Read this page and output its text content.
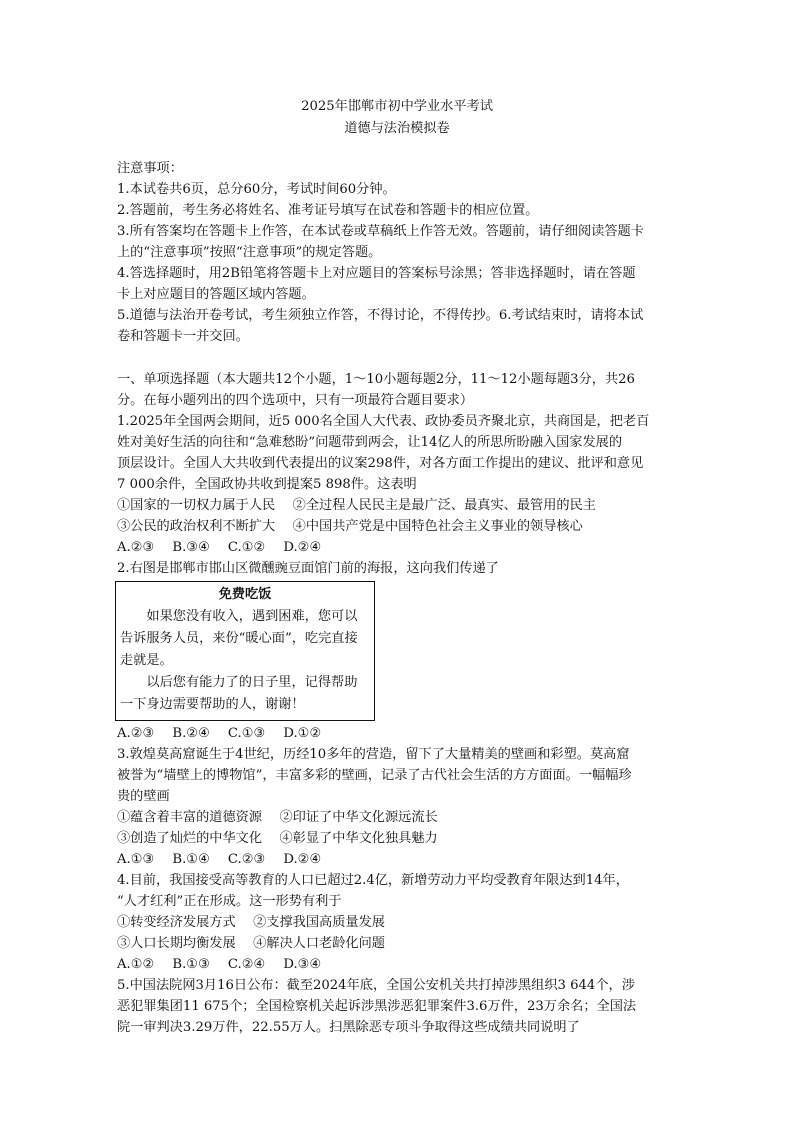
2025年邯郸市初中学业水平考试
道德与法治模拟卷
注意事项：
1.本试卷共6页，总分60分，考试时间60分钟。
2.答题前，考生务必将姓名、准考证号填写在试卷和答题卡的相应位置。
3.所有答案均在答题卡上作答，在本试卷或草稿纸上作答无效。答题前，请仔细阅读答题卡
上的“注意事项”按照“注意事项”的规定答题。
4.答选择题时，用2B铅笔将答题卡上对应题目的答案标号涂黑；答非选择题时，请在答题
卡上对应题目的答题区域内答题。
5.道德与法治开卷考试，考生须独立作答，不得讨论，不得传抄。6.考试结束时，请将本试
卷和答题卡一并交回。
一、单项选择题（本大题共12个小题，1～10小题每题2分，11～12小题每题3分，共26
分。在每小题列出的四个选项中，只有一项最符合题目要求）
1.2025年全国两会期间，近5 000名全国人大代表、政协委员齐聚北京，共商国是，把老百
姓对美好生活的向往和“急难愁盼”问题带到两会，让14亿人的所思所盼融入国家发展的
顶层设计。全国人大共收到代表提出的议案298件，对各方面工作提出的建议、批评和意见
7 000余件，全国政协共收到提案5 898件。这表明
①国家的一切权力属于人民　 ②全过程人民民主是最广泛、最真实、最管用的民主
③公民的政治权利不断扩大　 ④中国共产党是中国特色社会主义事业的领导核心
A.②③ B.③④ C.①② D.②④
2.右图是邯郸市邯山区微醺豌豆面馆门前的海报，这向我们传递了
免费吃饭
如果您没有收入，遇到困难，您可以告诉服务人员，来份“暖心面”，吃完直接走就是。
以后您有能力了的日子里，记得帮助一下身边需要帮助的人，谢谢！
A.②③ B.②④ C.①③ D.①②
3.敦煌莫高窟诞生于4世纪，历经10多年的营造，留下了大量精美的壁画和彩塑。莫高窟
被誉为“墙壁上的博物馆”，丰富多彩的壁画，记录了古代社会生活的方方面面。一幅幅珍
贵的壁画
①蕴含着丰富的道德资源　 ②印证了中华文化源远流长
③创造了灿烂的中华文化　 ④彰显了中华文化独具魅力
A.①③ B.①④ C.②③ D.②④
4.目前，我国接受高等教育的人口已超过2.4亿，新增劳动力平均受教育年限达到14年，
“人才红利”正在形成。这一形势有利于
①转变经济发展方式　 ②支撑我国高质量发展
③人口长期均衡发展　 ④解决人口老龄化问题
A.①② B.①③ C.②④ D.③④
5.中国法院网3月16日公布：截至2024年底，全国公安机关共打掉涉黑组织3 644个，涉
恶犯罪集团11 675个；全国检察机关起诉涉黑涉恶犯罪案件3.6万件，23万余名；全国法
院一审判决3.29万件，22.55万人。扫黑除恶专项斗争取得这些成绩共同说明了
